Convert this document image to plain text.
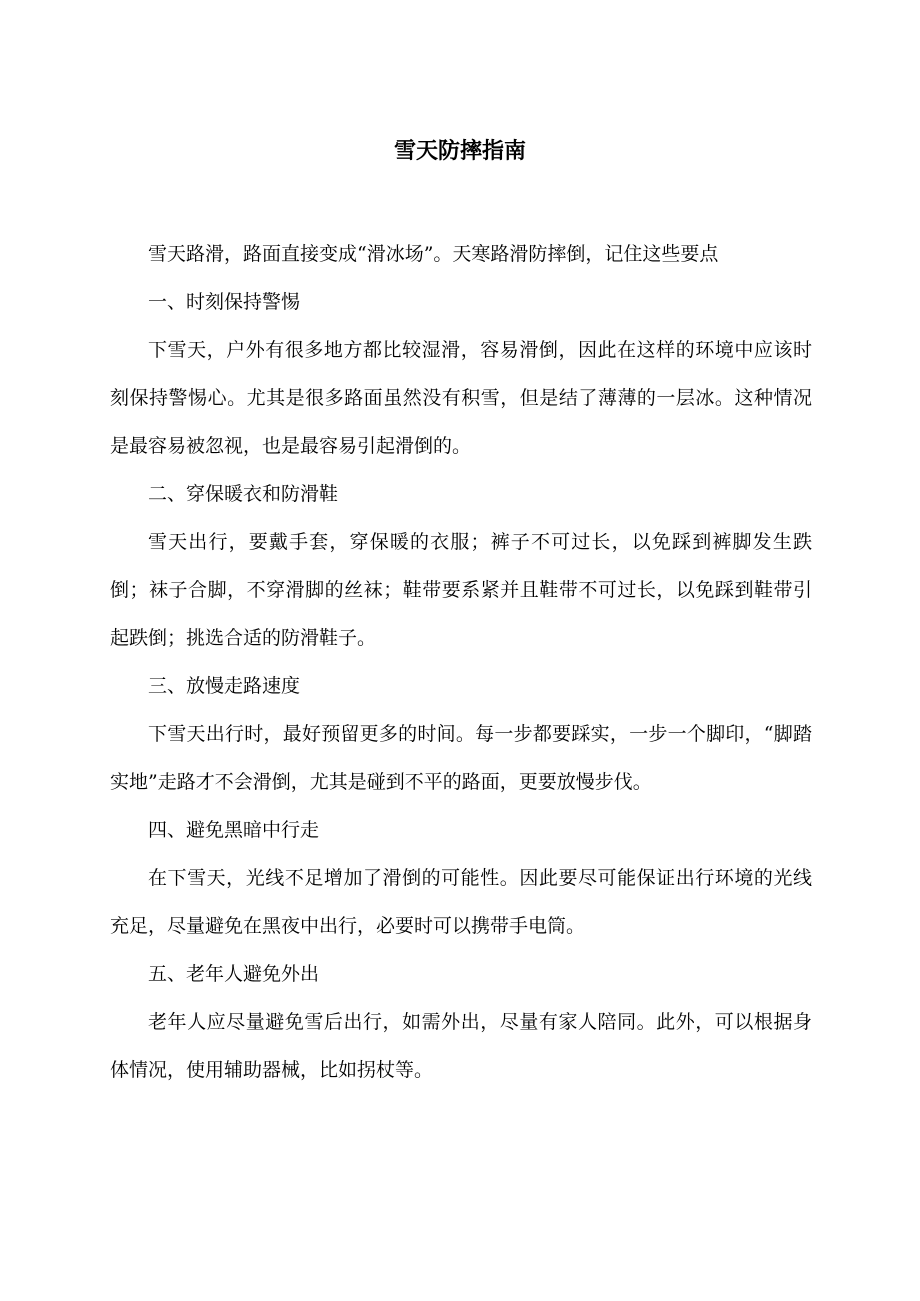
雪天防摔指南

雪天路滑，路面直接变成“滑冰场”。天寒路滑防摔倒，记住这些要点

一、时刻保持警惕

下雪天，户外有很多地方都比较湿滑，容易滑倒，因此在这样的环境中应该时刻保持警惕心。尤其是很多路面虽然没有积雪，但是结了薄薄的一层冰。这种情况是最容易被忽视，也是最容易引起滑倒的。

二、穿保暖衣和防滑鞋

雪天出行，要戴手套，穿保暖的衣服；裤子不可过长，以免踩到裤脚发生跌倒；袜子合脚，不穿滑脚的丝袜；鞋带要系紧并且鞋带不可过长，以免踩到鞋带引起跌倒；挑选合适的防滑鞋子。

三、放慢走路速度

下雪天出行时，最好预留更多的时间。每一步都要踩实，一步一个脚印，“脚踏实地”走路才不会滑倒，尤其是碰到不平的路面，更要放慢步伐。

四、避免黑暗中行走

在下雪天，光线不足增加了滑倒的可能性。因此要尽可能保证出行环境的光线充足，尽量避免在黑夜中出行，必要时可以携带手电筒。

五、老年人避免外出

老年人应尽量避免雪后出行，如需外出，尽量有家人陪同。此外，可以根据身体情况，使用辅助器械，比如拐杖等。
